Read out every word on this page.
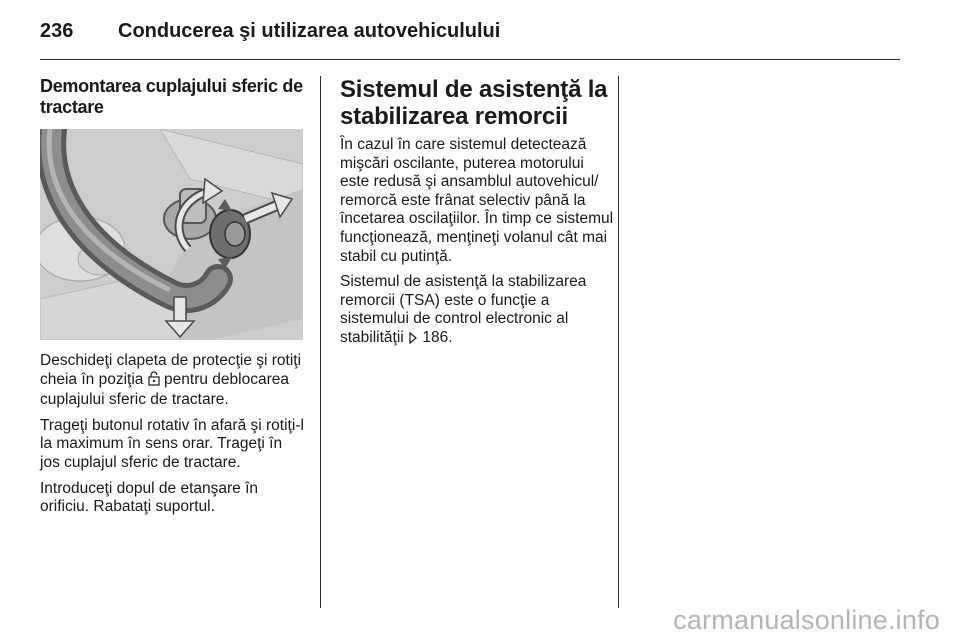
236 Conducerea şi utilizarea autovehiculului
Demontarea cuplajului sferic de tractare

Deschideţi clapeta de protecţie şi rotiţi cheia în poziţia  pentru deblocarea cuplajului sferic de tractare.

Trageţi butonul rotativ în afară şi rotiţi-l la maximum în sens orar. Trageţi în jos cuplajul sferic de tractare.

Introduceţi dopul de etanşare în orificiu. Rabataţi suportul.

Sistemul de asistenţă la stabilizarea remorcii

În cazul în care sistemul detectează mişcări oscilante, puterea motorului este redusă şi ansamblul autovehicul/ remorcă este frânat selectiv până la încetarea oscilaţiilor. În timp ce sistemul funcţionează, menţineţi volanul cât mai stabil cu putinţă.

Sistemul de asistenţă la stabilizarea remorcii (TSA) este o funcţie a sistemului de control electronic al stabilităţii 186.

carmanualsonline.info
